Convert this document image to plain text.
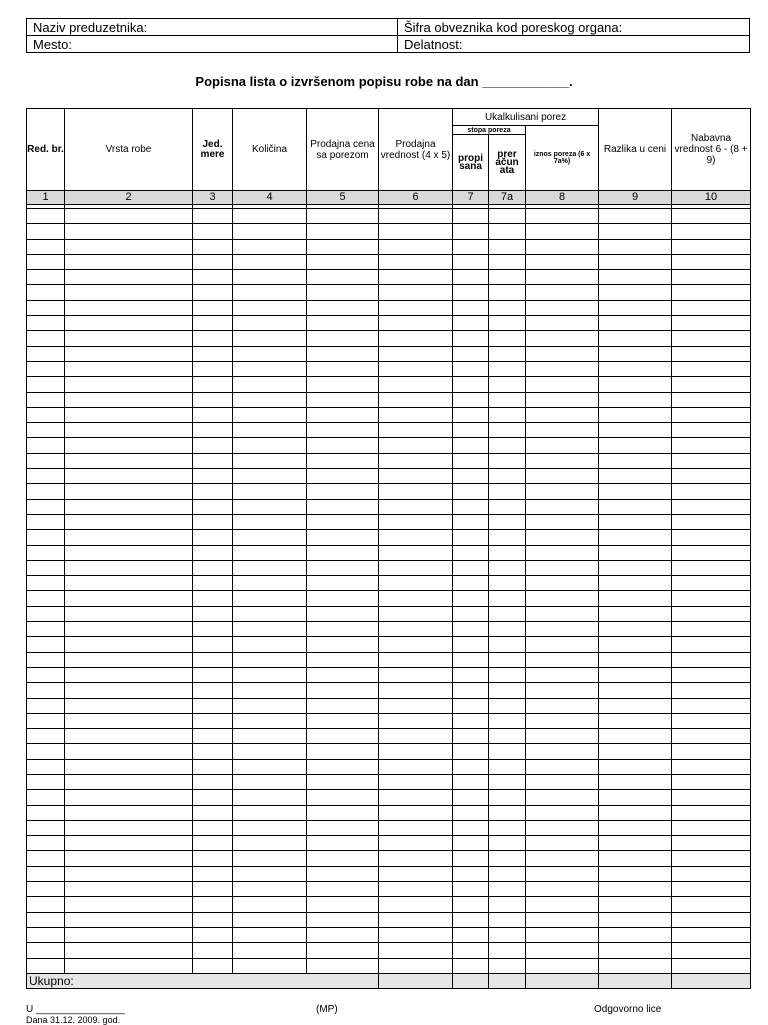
Naziv preduzetnika:	Šifra obveznika kod poreskog organa:
Mesto:	Delatnost:
Popisna lista o izvršenom popisu robe na dan ____________.
Red. br.	Vrsta robe	Jed. mere	Količina	Prodajna cena sa porezom	Prodajna vrednost (4 x 5)	Ukalkulisani porez			Razlika u ceni	Nabavna vrednost 6 - (8 + 9)
						stopa poreza		iznos poreza (6 x 7a%)		
						propi sana	prer ačun ata			
1	2	3	4	5	6	7	7a	8	9	10

Ukupno:										
U ________________
Dana 31.12. 2009. god.
(MP)	Odgovorno lice
